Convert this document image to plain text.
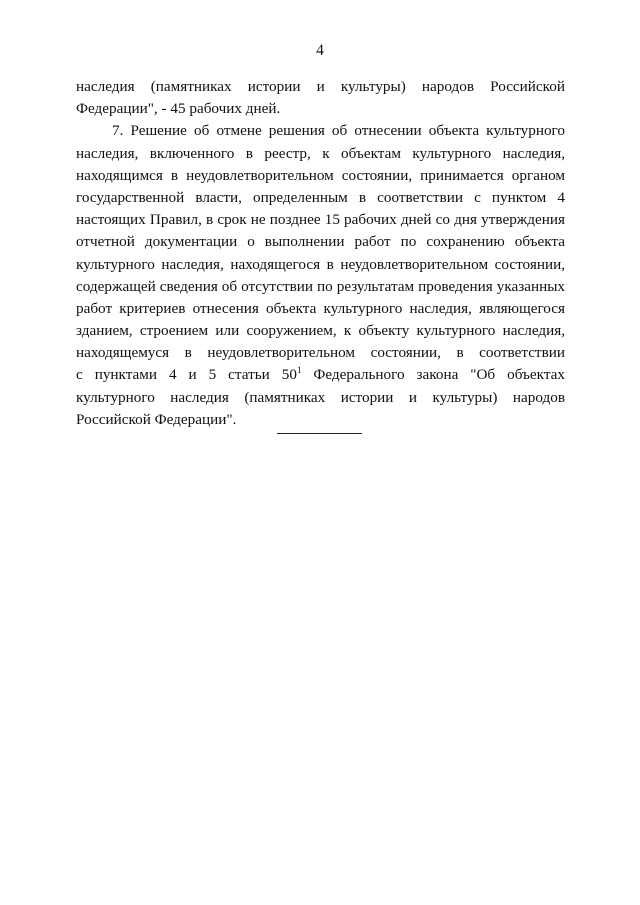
4
наследия (памятниках истории и культуры) народов Российской
Федерации", - 45 рабочих дней.
7. Решение об отмене решения об отнесении объекта культурного
наследия, включенного в реестр, к объектам культурного наследия,
находящимся в неудовлетворительном состоянии, принимается органом
государственной власти, определенным в соответствии с пунктом 4
настоящих Правил, в срок не позднее 15 рабочих дней со дня утверждения
отчетной документации о выполнении работ по сохранению объекта
культурного наследия, находящегося в неудовлетворительном состоянии,
содержащей сведения об отсутствии по результатам проведения указанных
работ критериев отнесения объекта культурного наследия, являющегося
зданием, строением или сооружением, к объекту культурного наследия,
находящемуся в неудовлетворительном состоянии, в соответствии
с пунктами 4 и 5 статьи $50^1$ Федерального закона "Об объектах
культурного наследия (памятниках истории и культуры) народов
Российской Федерации".
